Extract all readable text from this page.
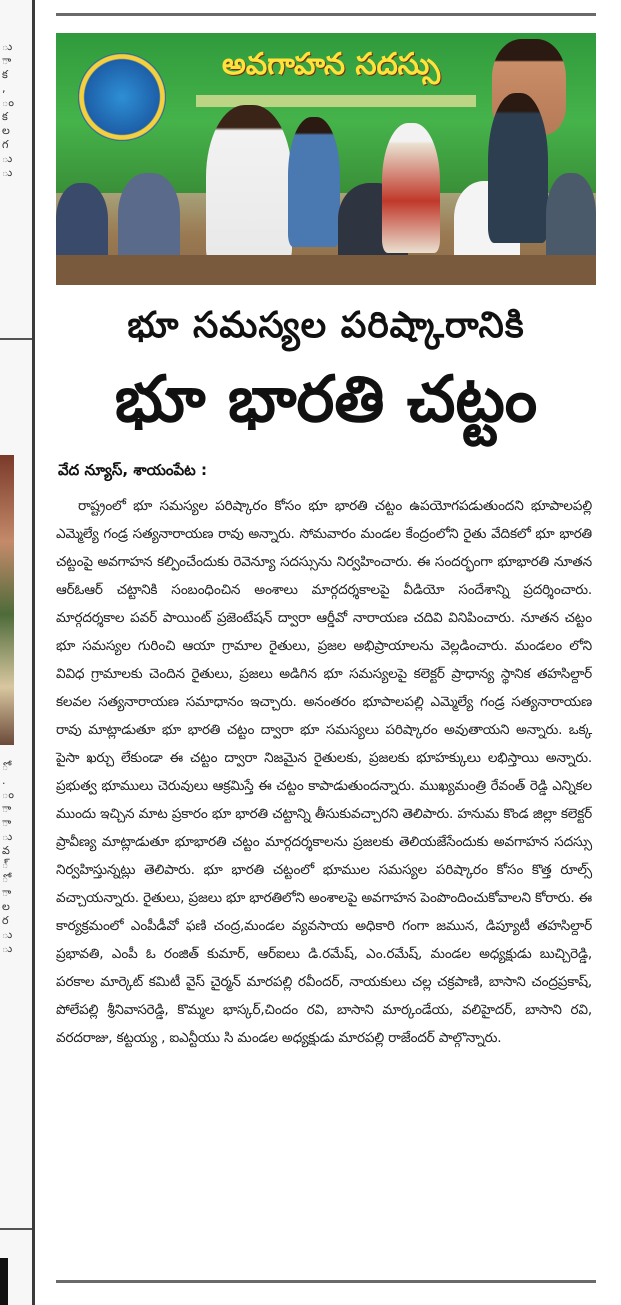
ు
ా
క
,
ం
క
ల
గ
ు
ు
ో
.
ం
ా
ా
ు
వ
్
ో
ా
ల
ర
ు
ు
అవగాహన సదస్సు
భూ సమస్యల పరిష్కారానికి
భూ భారతి చట్టం
వేద న్యూస్, శాయంపేట :
రాష్ట్రంలో భూ సమస్యల పరిష్కారం కోసం భూ భారతి చట్టం ఉపయోగపడుతుందని భూపాలపల్లి ఎమ్మెల్యే గండ్ర సత్యనారాయణ రావు అన్నారు. సోమవారం మండల కేంద్రంలోని రైతు వేదికలో భూ భారతి చట్టంపై అవగాహన కల్పించేందుకు రెవెన్యూ సదస్సును నిర్వహించారు. ఈ సందర్భంగా భూభారతి నూతన ఆర్ఓఆర్ చట్టానికి సంబంధించిన అంశాలు మార్గదర్శకాలపై వీడియో సందేశాన్ని ప్రదర్శించారు. మార్గదర్శకాల పవర్ పాయింట్ ప్రజెంటేషన్ ద్వారా ఆర్డీవో నారాయణ చదివి వినిపించారు. నూతన చట్టం భూ సమస్యల గురించి ఆయా గ్రామాల రైతులు, ప్రజల అభిప్రాయాలను వెల్లడించారు. మండలం లోని వివిధ గ్రామాలకు చెందిన రైతులు, ప్రజలు అడిగిన భూ సమస్యలపై కలెక్టర్ ప్రాధాన్య స్థానిక తహసిల్దార్ కలవల సత్యనారాయణ సమాధానం ఇచ్చారు. అనంతరం భూపాలపల్లి ఎమ్మెల్యే గండ్ర సత్యనారాయణ రావు మాట్లాడుతూ భూ భారతి చట్టం ద్వారా భూ సమస్యలు పరిష్కారం అవుతాయని అన్నారు. ఒక్క పైసా ఖర్చు లేకుండా ఈ చట్టం ద్వారా నిజమైన రైతులకు, ప్రజలకు భూహక్కులు లభిస్తాయి అన్నారు. ప్రభుత్వ భూములు చెరువులు ఆక్రమిస్తే ఈ చట్టం కాపాడుతుందన్నారు. ముఖ్యమంత్రి రేవంత్ రెడ్డి ఎన్నికల ముందు ఇచ్చిన మాట ప్రకారం భూ భారతి చట్టాన్ని తీసుకువచ్చారని తెలిపారు. హనుమ కొండ జిల్లా కలెక్టర్ ప్రావీణ్య మాట్లాడుతూ భూభారతి చట్టం మార్గదర్శకాలను ప్రజలకు తెలియజేసేందుకు అవగాహన సదస్సు నిర్వహిస్తున్నట్లు తెలిపారు. భూ భారతి చట్టంలో భూముల సమస్యల పరిష్కారం కోసం కొత్త రూల్స్ వచ్చాయన్నారు. రైతులు, ప్రజలు భూ భారతిలోని అంశాలపై అవగాహన పెంపొందించుకోవాలని కోరారు. ఈ కార్యక్రమంలో ఎంపీడీవో ఫణి చంద్ర,మండల వ్యవసాయ అధికారి గంగా జమున, డిప్యూటీ తహసిల్దార్ ప్రభావతి, ఎంపీ ఓ రంజిత్ కుమార్, ఆర్ఐలు డి.రమేష్, ఎం.రమేష్, మండల అధ్యక్షుడు బుచ్చిరెడ్డి, పరకాల మార్కెట్ కమిటీ వైస్ చైర్మన్ మారపల్లి రవీందర్, నాయకులు చల్ల చక్రపాణి, బాసాని చంద్రప్రకాష్, పోలేపల్లి శ్రీనివాసరెడ్డి, కొమ్మల భాస్కర్,చిందం రవి, బాసాని మార్కండేయ, వలిహైదర్, బాసాని రవి, వరదరాజు, కట్టయ్య , ఐఎన్టీయు సి మండల అధ్యక్షుడు మారపల్లి రాజేందర్ పాల్గొన్నారు.
